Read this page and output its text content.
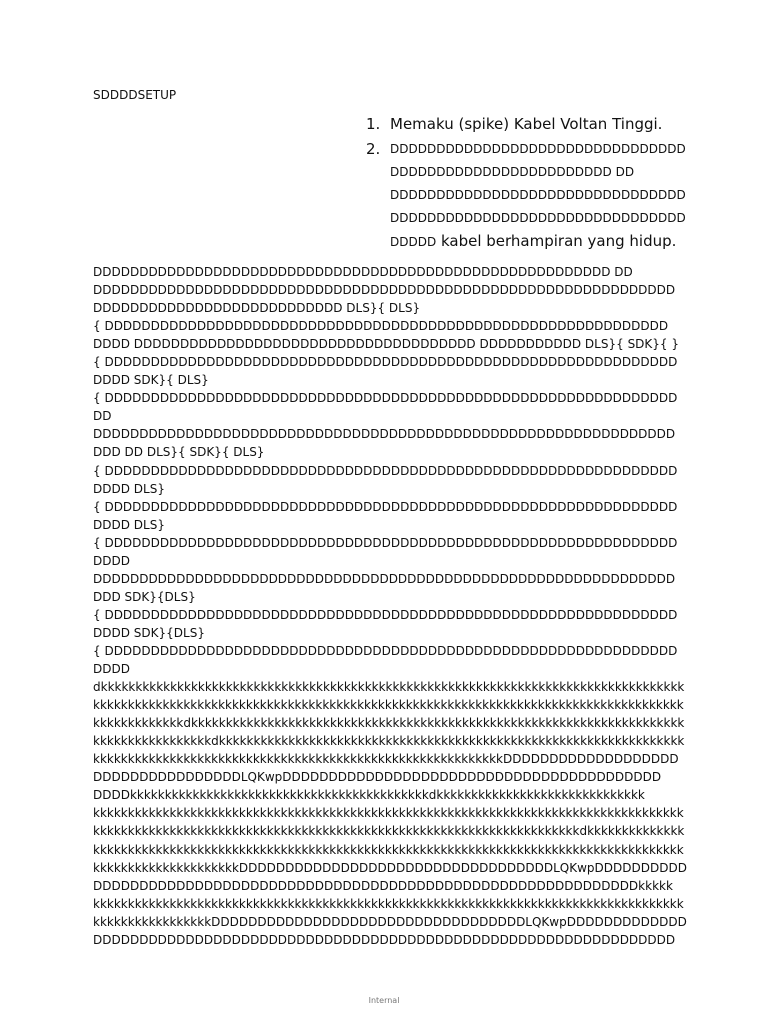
SDDDDSETUP
1. Memaku (spike) Kabel Voltan Tinggi.
2. DDDDDDDDDDDDDDDDDDDDDDDDDDDDDDDD
DDDDDDDDDDDDDDDDDDDDDDDD DD
DDDDDDDDDDDDDDDDDDDDDDDDDDDDDDDD
DDDDDDDDDDDDDDDDDDDDDDDDDDDDDDDD
DDDDD kabel berhampiran yang hidup.
DDDDDDDDDDDDDDDDDDDDDDDDDDDDDDDDDDDDDDDDDDDDDDDDDDDDDDDD DD
DDDDDDDDDDDDDDDDDDDDDDDDDDDDDDDDDDDDDDDDDDDDDDDDDDDDDDDDDDDDDDD
DDDDDDDDDDDDDDDDDDDDDDDDDDD DLS}{ DLS}
{ DDDDDDDDDDDDDDDDDDDDDDDDDDDDDDDDDDDDDDDDDDDDDDDDDDDDDDDDDDDDD
DDDD DDDDDDDDDDDDDDDDDDDDDDDDDDDDDDDDDDDDD DDDDDDDDDDD DLS}{ SDK}{ }
{ DDDDDDDDDDDDDDDDDDDDDDDDDDDDDDDDDDDDDDDDDDDDDDDDDDDDDDDDDDDDDD
DDDD SDK}{ DLS}
{ DDDDDDDDDDDDDDDDDDDDDDDDDDDDDDDDDDDDDDDDDDDDDDDDDDDDDDDDDDDDDD
DD
DDDDDDDDDDDDDDDDDDDDDDDDDDDDDDDDDDDDDDDDDDDDDDDDDDDDDDDDDDDDDDD
DDD DD DLS}{ SDK}{ DLS}
{ DDDDDDDDDDDDDDDDDDDDDDDDDDDDDDDDDDDDDDDDDDDDDDDDDDDDDDDDDDDDDD
DDDD DLS}
{ DDDDDDDDDDDDDDDDDDDDDDDDDDDDDDDDDDDDDDDDDDDDDDDDDDDDDDDDDDDDDD
DDDD DLS}
{ DDDDDDDDDDDDDDDDDDDDDDDDDDDDDDDDDDDDDDDDDDDDDDDDDDDDDDDDDDDDDD
DDDD
DDDDDDDDDDDDDDDDDDDDDDDDDDDDDDDDDDDDDDDDDDDDDDDDDDDDDDDDDDDDDDD
DDD SDK}{DLS}
{ DDDDDDDDDDDDDDDDDDDDDDDDDDDDDDDDDDDDDDDDDDDDDDDDDDDDDDDDDDDDDD
DDDD SDK}{DLS}
{ DDDDDDDDDDDDDDDDDDDDDDDDDDDDDDDDDDDDDDDDDDDDDDDDDDDDDDDDDDDDDD
DDDD
dkkkkkkkkkkkkkkkkkkkkkkkkkkkkkkkkkkkkkkkkkkkkkkkkkkkkkkkkkkkkkkkkkkkkkkkkkkkkkkkkkkkk
kkkkkkkkkkkkkkkkkkkkkkkkkkkkkkkkkkkkkkkkkkkkkkkkkkkkkkkkkkkkkkkkkkkkkkkkkkkkkkkkkkkkk
kkkkkkkkkkkkkdkkkkkkkkkkkkkkkkkkkkkkkkkkkkkkkkkkkkkkkkkkkkkkkkkkkkkkkkkkkkkkkkkkkkkkk
kkkkkkkkkkkkkkkkkdkkkkkkkkkkkkkkkkkkkkkkkkkkkkkkkkkkkkkkkkkkkkkkkkkkkkkkkkkkkkkkkkkkk
kkkkkkkkkkkkkkkkkkkkkkkkkkkkkkkkkkkkkkkkkkkkkkkkkkkkkkkkkkkDDDDDDDDDDDDDDDDDDD
DDDDDDDDDDDDDDDDLQKwpDDDDDDDDDDDDDDDDDDDDDDDDDDDDDDDDDDDDDDDDD
DDDDkkkkkkkkkkkkkkkkkkkkkkkkkkkkkkkkkkkkkkkkkkkdkkkkkkkkkkkkkkkkkkkkkkkkkkkkkk
kkkkkkkkkkkkkkkkkkkkkkkkkkkkkkkkkkkkkkkkkkkkkkkkkkkkkkkkkkkkkkkkkkkkkkkkkkkkkkkkkkkkk
kkkkkkkkkkkkkkkkkkkkkkkkkkkkkkkkkkkkkkkkkkkkkkkkkkkkkkkkkkkkkkkkkkkkkkdkkkkkkkkkkkkkk
kkkkkkkkkkkkkkkkkkkkkkkkkkkkkkkkkkkkkkkkkkkkkkkkkkkkkkkkkkkkkkkkkkkkkkkkkkkkkkkkkkkkk
kkkkkkkkkkkkkkkkkkkkkDDDDDDDDDDDDDDDDDDDDDDDDDDDDDDDDDDLQKwpDDDDDDDDDD
DDDDDDDDDDDDDDDDDDDDDDDDDDDDDDDDDDDDDDDDDDDDDDDDDDDDDDDDDDDkkkkk
kkkkkkkkkkkkkkkkkkkkkkkkkkkkkkkkkkkkkkkkkkkkkkkkkkkkkkkkkkkkkkkkkkkkkkkkkkkkkkkkkkkkk
kkkkkkkkkkkkkkkkkDDDDDDDDDDDDDDDDDDDDDDDDDDDDDDDDDDLQKwpDDDDDDDDDDDDD
DDDDDDDDDDDDDDDDDDDDDDDDDDDDDDDDDDDDDDDDDDDDDDDDDDDDDDDDDDDDDDD
Internal
